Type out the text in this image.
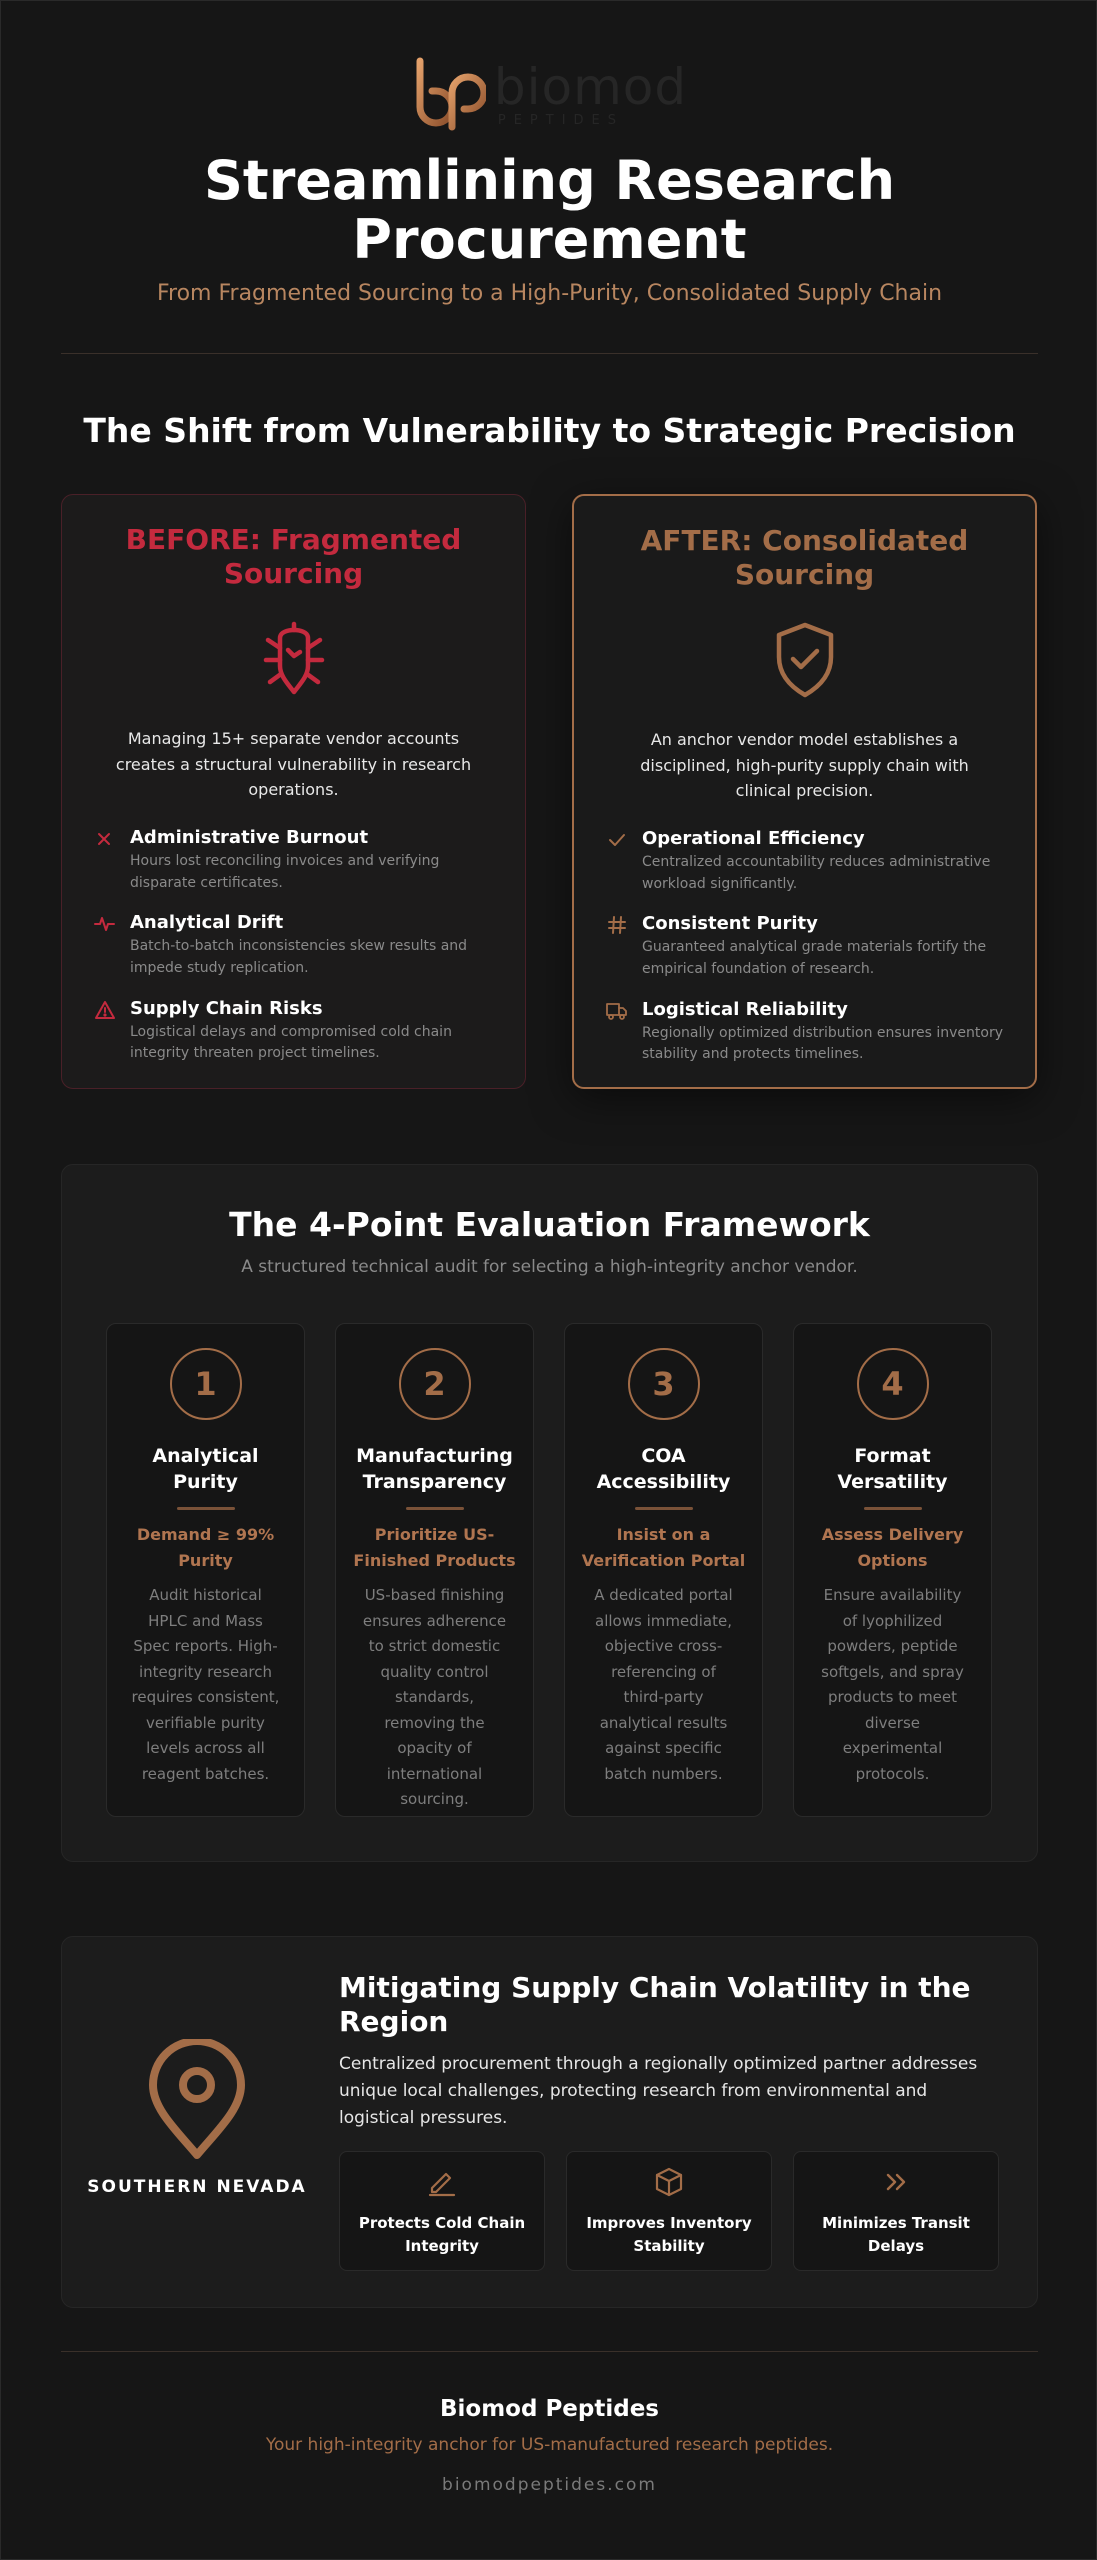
biomod
PEPTIDES
Streamlining Research
Procurement
From Fragmented Sourcing to a High-Purity, Consolidated Supply Chain
The Shift from Vulnerability to Strategic Precision
BEFORE: Fragmented Sourcing
Managing 15+ separate vendor accounts creates a structural vulnerability in research operations.
Administrative Burnout
Hours lost reconciling invoices and verifying disparate certificates.
Analytical Drift
Batch-to-batch inconsistencies skew results and impede study replication.
Supply Chain Risks
Logistical delays and compromised cold chain integrity threaten project timelines.
AFTER: Consolidated Sourcing
An anchor vendor model establishes a disciplined, high-purity supply chain with clinical precision.
Operational Efficiency
Centralized accountability reduces administrative workload significantly.
Consistent Purity
Guaranteed analytical grade materials fortify the empirical foundation of research.
Logistical Reliability
Regionally optimized distribution ensures inventory stability and protects timelines.
The 4-Point Evaluation Framework
A structured technical audit for selecting a high-integrity anchor vendor.
1
Analytical Purity
Demand ≥ 99% Purity
Audit historical HPLC and Mass Spec reports. High-integrity research requires consistent, verifiable purity levels across all reagent batches.
2
Manufacturing Transparency
Prioritize US-Finished Products
US-based finishing ensures adherence to strict domestic quality control standards, removing the opacity of international sourcing.
3
COA Accessibility
Insist on a Verification Portal
A dedicated portal allows immediate, objective cross-referencing of third-party analytical results against specific batch numbers.
4
Format Versatility
Assess Delivery Options
Ensure availability of lyophilized powders, peptide softgels, and spray products to meet diverse experimental protocols.
SOUTHERN NEVADA
Mitigating Supply Chain Volatility in the Region
Centralized procurement through a regionally optimized partner addresses unique local challenges, protecting research from environmental and logistical pressures.
Protects Cold Chain Integrity
Improves Inventory Stability
Minimizes Transit Delays
Biomod Peptides
Your high-integrity anchor for US-manufactured research peptides.
biomodpeptides.com
